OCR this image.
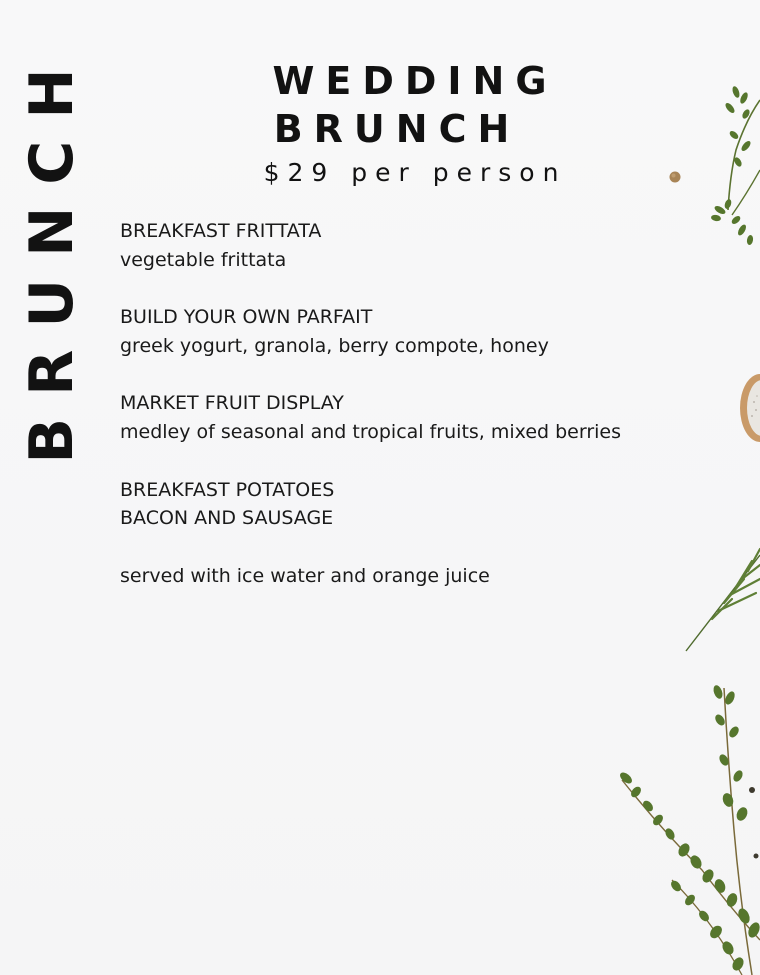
BRUNCH	WEDDING
BRUNCH
$29 per person
BREAKFAST FRITTATA
vegetable frittata
BUILD YOUR OWN PARFAIT
greek yogurt, granola, berry compote, honey
MARKET FRUIT DISPLAY
medley of seasonal and tropical fruits, mixed berries
BREAKFAST POTATOES
BACON AND SAUSAGE
served with ice water and orange juice
